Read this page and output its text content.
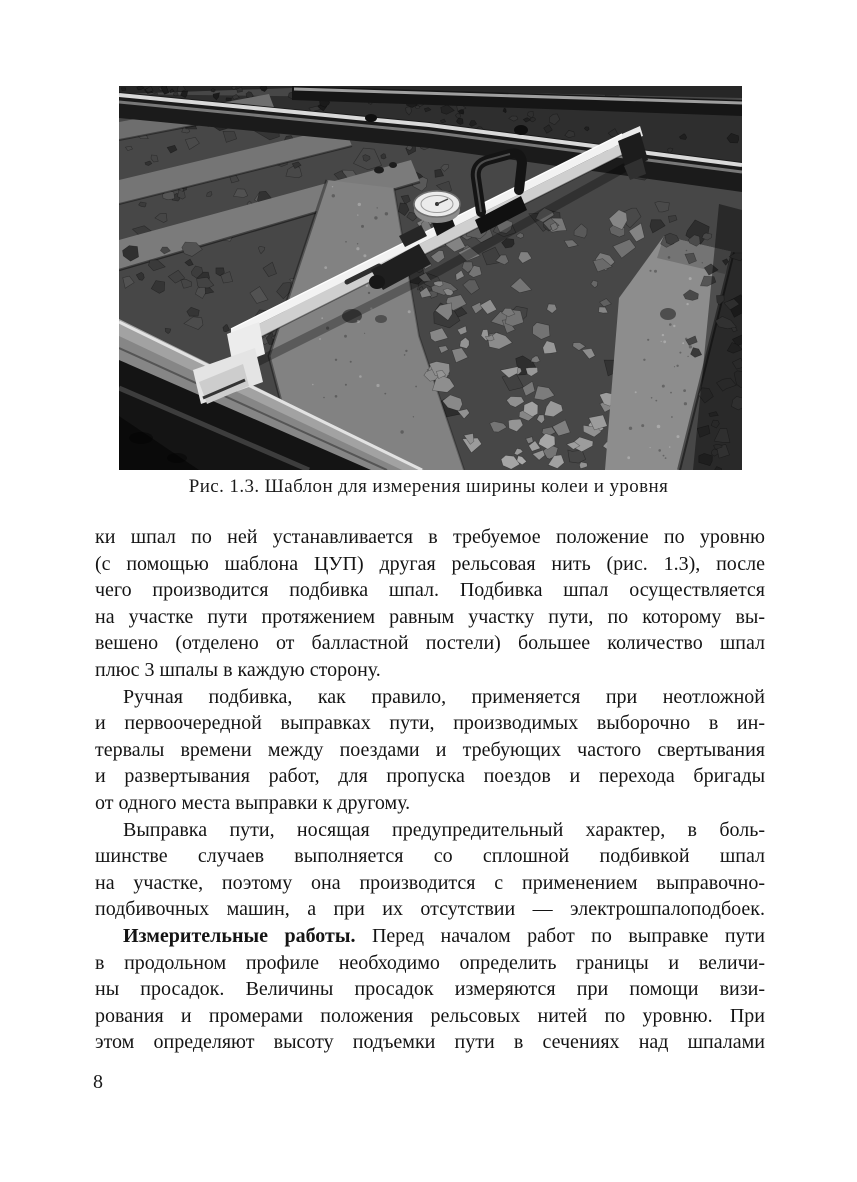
Рис. 1.3. Шаблон для измерения ширины колеи и уровня
ки шпал по ней устанавливается в требуемое положение по уровню
(с помощью шаблона ЦУП) другая рельсовая нить (рис. 1.3), после
чего производится подбивка шпал. Подбивка шпал осуществляется
на участке пути протяжением равным участку пути, по которому вы-
вешено (отделено от балластной постели) большее количество шпал
плюс 3 шпалы в каждую сторону.
Ручная подбивка, как правило, применяется при неотложной
и первоочередной выправках пути, производимых выборочно в ин-
тервалы времени между поездами и требующих частого свертывания
и развертывания работ, для пропуска поездов и перехода бригады
от одного места выправки к другому.
Выправка пути, носящая предупредительный характер, в боль-
шинстве случаев выполняется со сплошной подбивкой шпал
на участке, поэтому она производится с применением выправочно-
подбивочных машин, а при их отсутствии — электрошпалоподбоек.
Измерительные работы. Перед началом работ по выправке пути
в продольном профиле необходимо определить границы и величи-
ны просадок. Величины просадок измеряются при помощи визи-
рования и промерами положения рельсовых нитей по уровню. При
этом определяют высоту подъемки пути в сечениях над шпалами
8
